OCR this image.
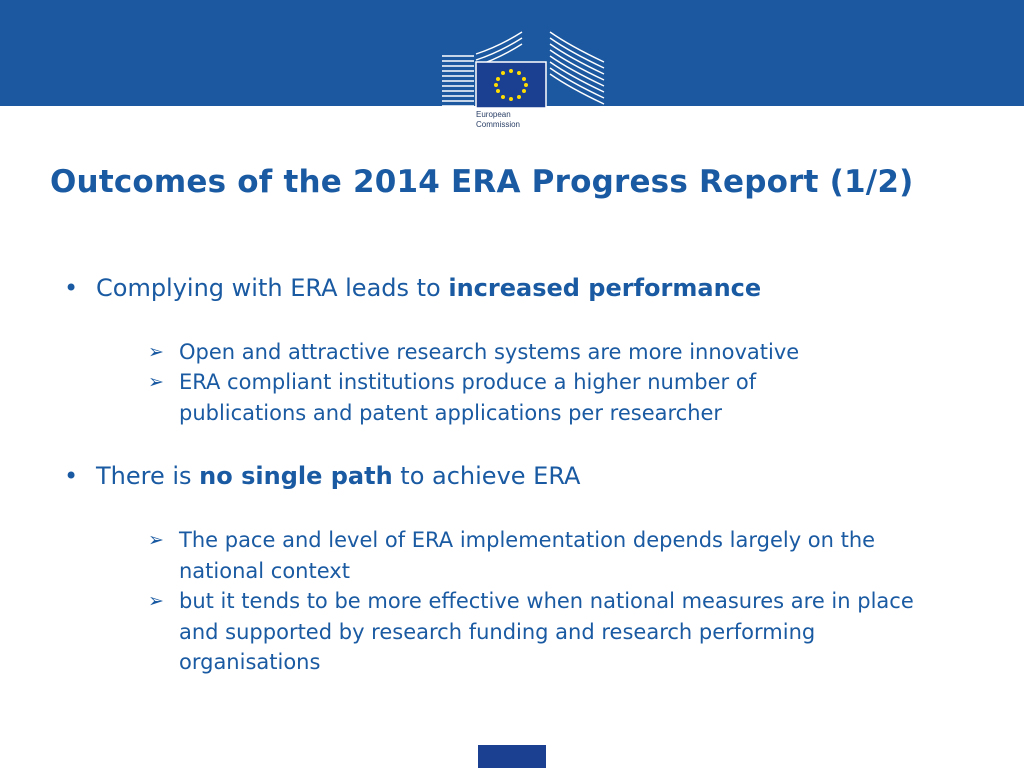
European
Commission
Outcomes of the 2014 ERA Progress Report (1/2)
• Complying with ERA leads to increased performance
➢ Open and attractive research systems are more innovative
➢ ERA compliant institutions produce a higher number of publications and patent applications per researcher
• There is no single path to achieve ERA
➢ The pace and level of ERA implementation depends largely on the national context
➢ but it tends to be more effective when national measures are in place and supported by research funding and research performing organisations
